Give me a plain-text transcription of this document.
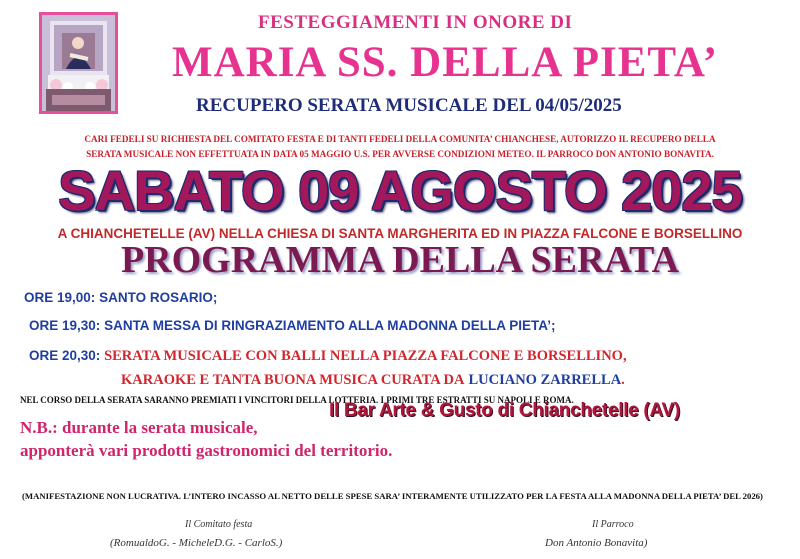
FESTEGGIAMENTI IN ONORE DI
MARIA SS. DELLA PIETA’
RECUPERO SERATA MUSICALE DEL 04/05/2025
CARI FEDELI SU RICHIESTA DEL COMITATO FESTA E DI TANTI FEDELI DELLA COMUNITA’ CHIANCHESE, AUTORIZZO IL RECUPERO DELLA
SERATA MUSICALE NON EFFETTUATA IN DATA 05 MAGGIO U.S. PER AVVERSE CONDIZIONI METEO. IL PARROCO DON ANTONIO BONAVITA.
SABATO 09 AGOSTO 2025
A CHIANCHETELLE (AV) NELLA CHIESA DI SANTA MARGHERITA ED IN PIAZZA FALCONE E BORSELLINO
PROGRAMMA DELLA SERATA
ORE 19,00: SANTO ROSARIO;
ORE 19,30: SANTA MESSA DI RINGRAZIAMENTO ALLA MADONNA DELLA PIETA’;
ORE 20,30: SERATA MUSICALE CON BALLI NELLA PIAZZA FALCONE E BORSELLINO,
KARAOKE E TANTA BUONA MUSICA CURATA DA LUCIANO ZARRELLA.
NEL CORSO DELLA SERATA SARANNO PREMIATI I VINCITORI DELLA LOTTERIA. I PRIMI TRE ESTRATTI SU NAPOLI E ROMA.
N.B.: durante la serata musicale,
apponterà vari prodotti gastronomici del territorio.
Il Bar Arte & Gusto di Chianchetelle (AV)
(MANIFESTAZIONE NON LUCRATIVA. L’INTERO INCASSO AL NETTO DELLE SPESE SARA’ INTERAMENTE UTILIZZATO PER LA FESTA ALLA MADONNA DELLA PIETA’ DEL 2026)
Il Comitato festa
(RomualdoG. - MicheleD.G. - CarloS.)
Il Parroco
Don Antonio Bonavita)
